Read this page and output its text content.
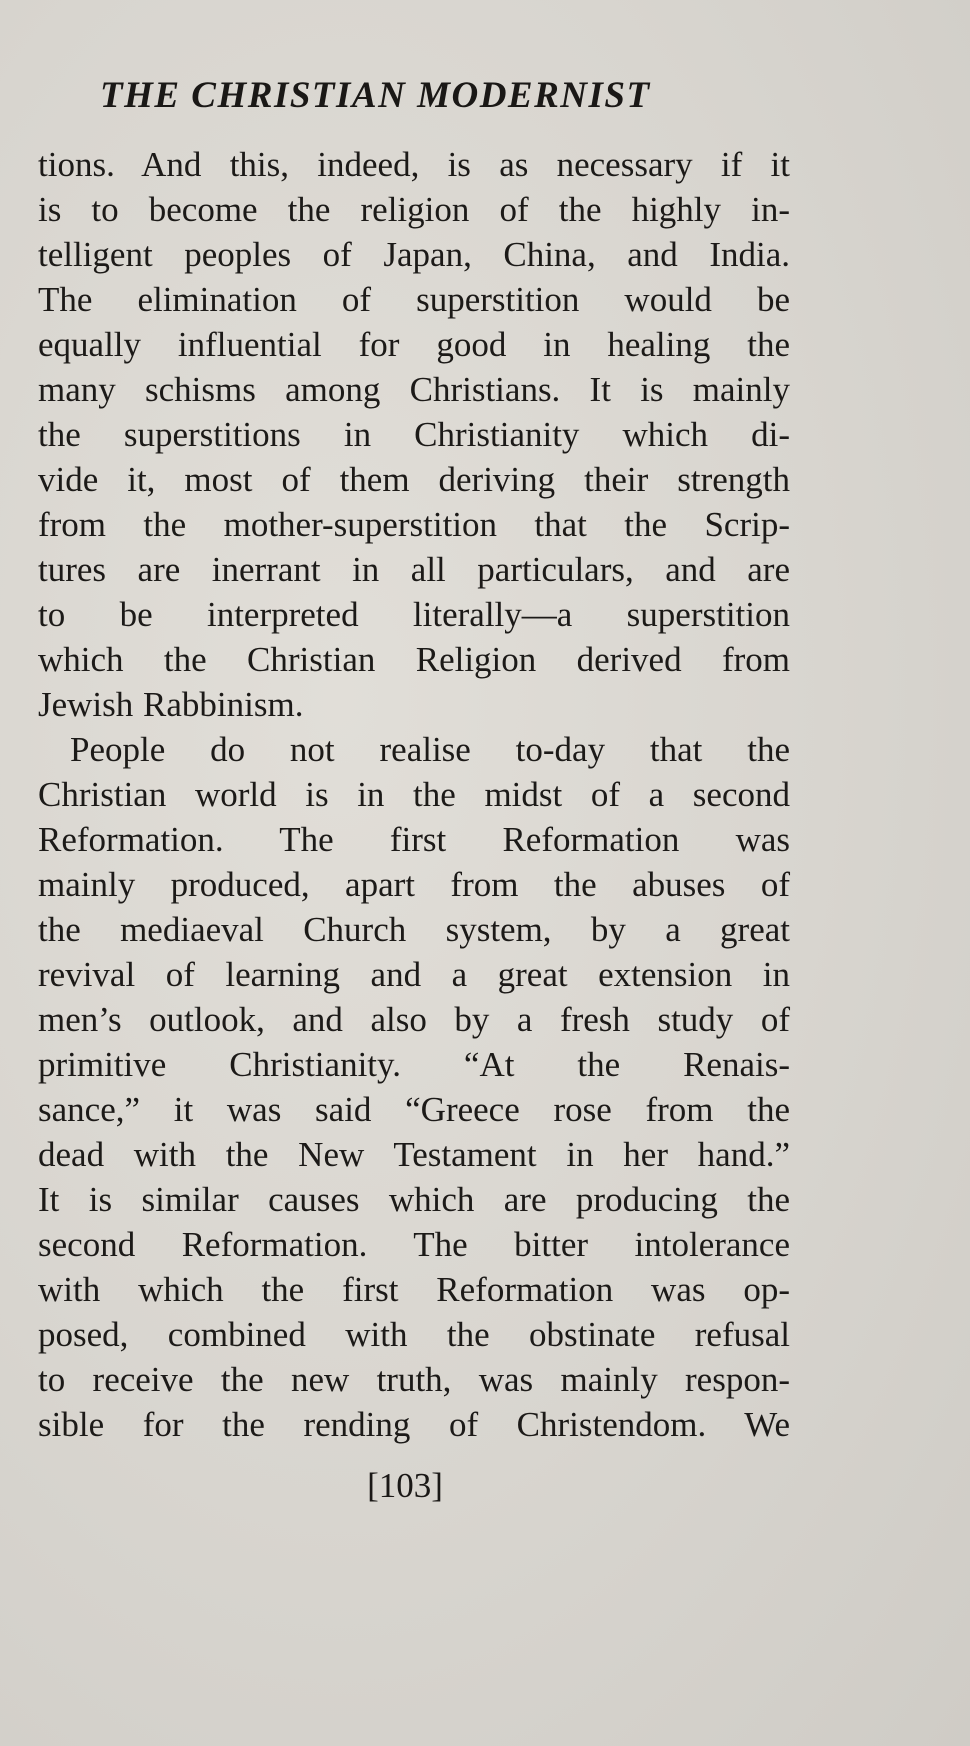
THE CHRISTIAN MODERNIST
tions. And this, indeed, is as necessary if it
is to become the religion of the highly in-
telligent peoples of Japan, China, and India.
The elimination of superstition would be
equally influential for good in healing the
many schisms among Christians. It is mainly
the superstitions in Christianity which di-
vide it, most of them deriving their strength
from the mother-superstition that the Scrip-
tures are inerrant in all particulars, and are
to be interpreted literally—a superstition
which the Christian Religion derived from
Jewish Rabbinism.
People do not realise to-day that the
Christian world is in the midst of a second
Reformation. The first Reformation was
mainly produced, apart from the abuses of
the mediaeval Church system, by a great
revival of learning and a great extension in
men’s outlook, and also by a fresh study of
primitive Christianity. “At the Renais-
sance,” it was said “Greece rose from the
dead with the New Testament in her hand.”
It is similar causes which are producing the
second Reformation. The bitter intolerance
with which the first Reformation was op-
posed, combined with the obstinate refusal
to receive the new truth, was mainly respon-
sible for the rending of Christendom. We
[103]
